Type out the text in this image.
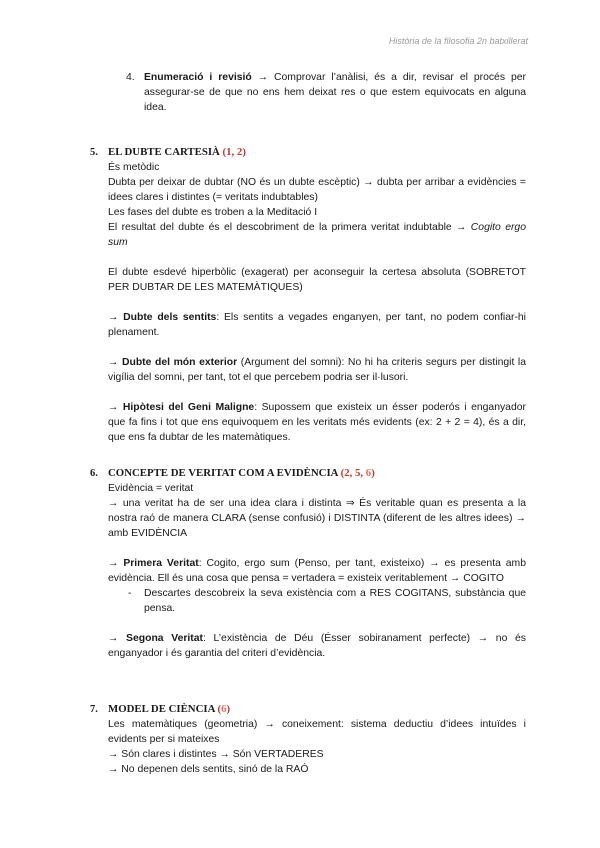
Història de la filosofia 2n batxillerat
4. Enumeració i revisió → Comprovar l’anàlisi, és a dir, revisar el procés per assegurar-se de que no ens hem deixat res o que estem equivocats en alguna idea.

5. EL DUBTE CARTESIÀ (1, 2)

És metòdic

Dubta per deixar de dubtar (NO és un dubte escèptic) → dubta per arribar a evidències = idees clares i distintes (= veritats indubtables)

Les fases del dubte es troben a la Meditació I

El resultat del dubte és el descobriment de la primera veritat indubtable → Cogito ergo sum

El dubte esdevé hiperbòlic (exagerat) per aconseguir la certesa absoluta (SOBRETOT PER DUBTAR DE LES MATEMÀTIQUES)

→ Dubte dels sentits: Els sentits a vegades enganyen, per tant, no podem confiar-hi plenament.

→ Dubte del món exterior (Argument del somni): No hi ha criteris segurs per distingit la vigília del somni, per tant, tot el que percebem podria ser il·lusori.

→ Hipòtesi del Geni Maligne: Supossem que existeix un ésser poderós i enganyador que fa fins i tot que ens equivoquem en les veritats més evidents (ex: 2 + 2 = 4), és a dir, que ens fa dubtar de les matemàtiques.

6. CONCEPTE DE VERITAT COM A EVIDÈNCIA (2, 5, 6)

Evidència = veritat

→ una veritat ha de ser una idea clara i distinta ⇒ És veritable quan es presenta a la nostra raó de manera CLARA (sense confusió) i DISTINTA (diferent de les altres idees) → amb EVIDÈNCIA

→ Primera Veritat: Cogito, ergo sum (Penso, per tant, existeixo) → es presenta amb evidència. Ell és una cosa que pensa = vertadera = existeix veritablement → COGITO

- Descartes descobreix la seva existència com a RES COGITANS, substància que pensa.

→ Segona Veritat: L’existència de Déu (Ésser sobiranament perfecte) → no és enganyador i és garantia del criteri d’evidència.

7. MODEL DE CIÈNCIA (6)

Les matemàtiques (geometria) → coneixement: sistema deductiu d’idees intuïdes i evidents per si mateixes

→ Són clares i distintes → Són VERTADERES

→ No depenen dels sentits, sinó de la RAÓ
